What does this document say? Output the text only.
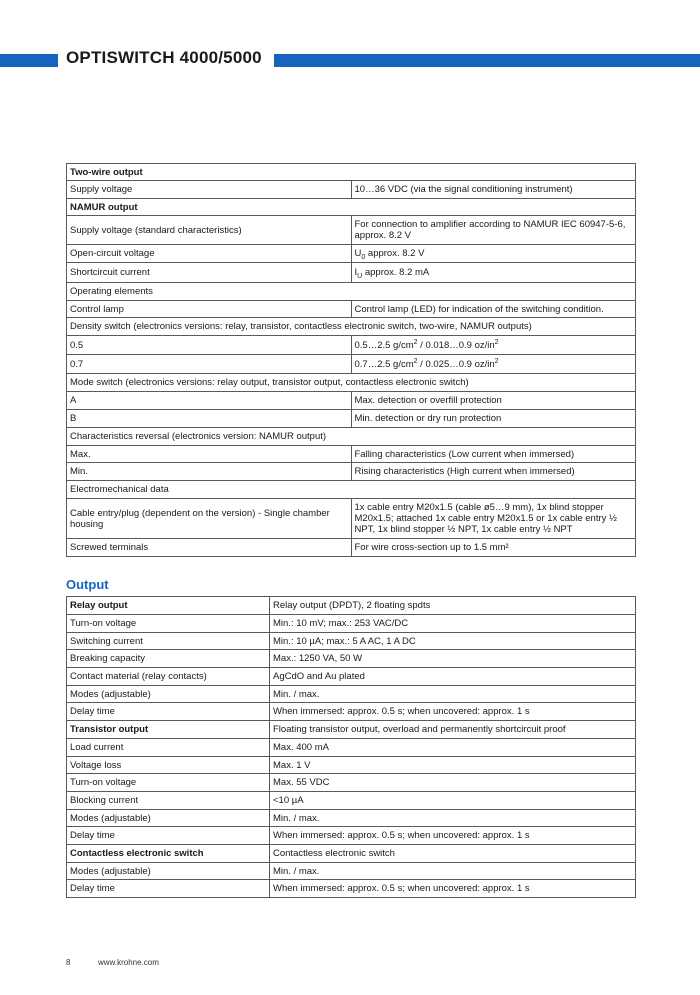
OPTISWITCH 4000/5000
Two-wire output	
Supply voltage	10…36 VDC (via the signal conditioning instrument)
NAMUR output	
Supply voltage (standard characteristics)	For connection to amplifier according to NAMUR IEC 60947-5-6, approx. 8.2 V
Open-circuit voltage	$U_0$ approx. 8.2 V
Shortcircuit current	$I_U$ approx. 8.2 mA
Operating elements	
Control lamp	Control lamp (LED) for indication of the switching condition.
Density switch (electronics versions: relay, transistor, contactless electronic switch, two-wire, NAMUR outputs)	
0.5	0.5…2.5 $g/cm^2$ / 0.018…0.9 $oz/in^2$
0.7	0.7…2.5 $g/cm^2$ / 0.025…0.9 $oz/in^2$
Mode switch (electronics versions: relay output, transistor output, contactless electronic switch)	
A	Max. detection or overfill protection
B	Min. detection or dry run protection
Characteristics reversal (electronics version: NAMUR output)	
Max.	Falling characteristics (Low current when immersed)
Min.	Rising characteristics (High current when immersed)
Electromechanical data	
Cable entry/plug (dependent on the version) - Single chamber housing	1x cable entry M20x1.5 (cable ø5…9 mm), 1x blind stopper M20x1.5; attached 1x cable entry M20x1.5 or 1x cable entry ½ NPT, 1x blind stopper ½ NPT, 1x cable entry ½ NPT
Screwed terminals	For wire cross-section up to 1.5 mm²
Output
Relay output	Relay output (DPDT), 2 floating spdts
Turn-on voltage	Min.: 10 mV; max.: 253 VAC/DC
Switching current	Min.: 10 µA; max.: 5 A AC, 1 A DC
Breaking capacity	Max.: 1250 VA, 50 W
Contact material (relay contacts)	AgCdO and Au plated
Modes (adjustable)	Min. / max.
Delay time	When immersed: approx. 0.5 s; when uncovered: approx. 1 s
Transistor output	Floating transistor output, overload and permanently shortcircuit proof
Load current	Max. 400 mA
Voltage loss	Max. 1 V
Turn-on voltage	Max. 55 VDC
Blocking current	<10 µA
Modes (adjustable)	Min. / max.
Delay time	When immersed: approx. 0.5 s; when uncovered: approx. 1 s
Contactless electronic switch	Contactless electronic switch
Modes (adjustable)	Min. / max.
Delay time	When immersed: approx. 0.5 s; when uncovered: approx. 1 s
8	www.krohne.com
